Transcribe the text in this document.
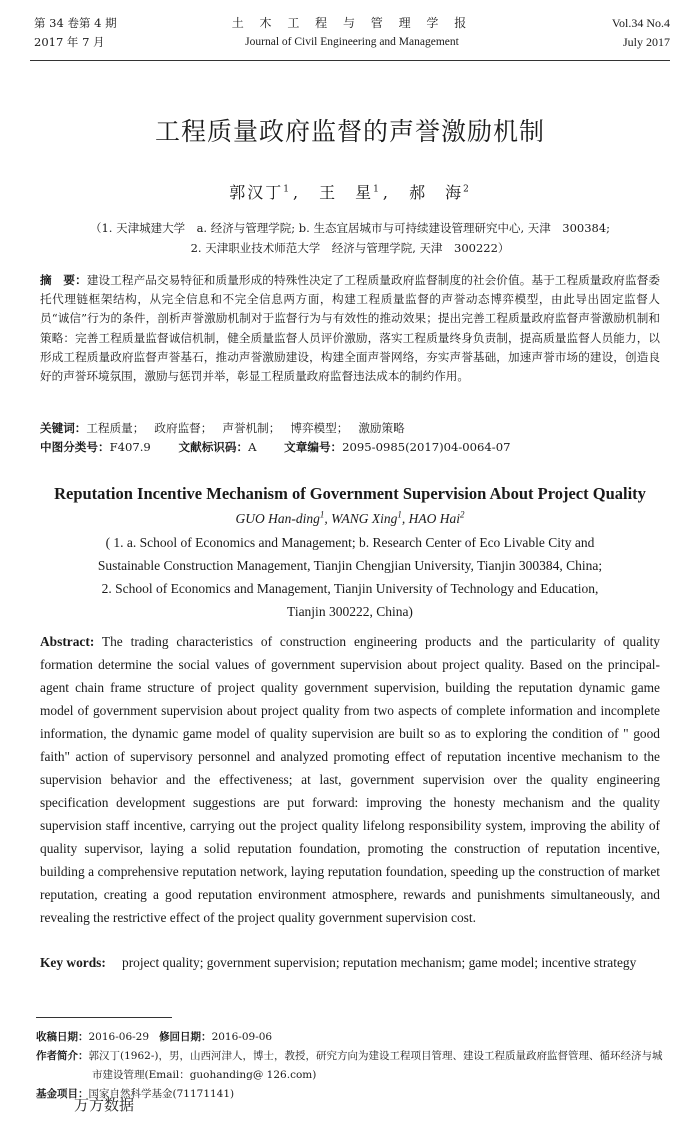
第 34 卷第 4 期
2017 年 7 月
土 木 工 程 与 管 理 学 报
Journal of Civil Engineering and Management
Vol.34 No.4
July 2017
工程质量政府监督的声誉激励机制
郭汉丁$^1$ , 王　星$^1$ , 郝　海$^2$
（1. 天津城建大学　a. 经济与管理学院; b. 生态宜居城市与可持续建设管理研究中心, 天津　300384;
2. 天津职业技术师范大学　经济与管理学院, 天津　300222）
摘　要：建设工程产品交易特征和质量形成的特殊性决定了工程质量政府监督制度的社会价值。基于工程质量政府监督委托代理链框架结构，从完全信息和不完全信息两方面，构建工程质量监督的声誉动态博弈模型，由此导出固定监督人员“诚信”行为的条件，剖析声誉激励机制对于监督行为与有效性的推动效果；提出完善工程质量政府监督声誉激励机制和策略：完善工程质量监督诚信机制，健全质量监督人员评价激励，落实工程质量终身负责制，提高质量监督人员能力，以形成工程质量政府监督声誉基石，推动声誉激励建设，构建全面声誉网络，夯实声誉基础，加速声誉市场的建设，创造良好的声誉环境氛围，激励与惩罚并举，彰显工程质量政府监督违法成本的制约作用。
关键词：工程质量； 政府监督； 声誉机制； 博弈模型； 激励策略
中图分类号：F407.9 文献标识码：A 文章编号：2095-0985(2017)04-0064-07
Reputation Incentive Mechanism of Government Supervision About Project Quality
GUO Han-ding$^1$, WANG Xing$^1$, HAO Hai$^2$
( 1. a. School of Economics and Management; b. Research Center of Eco Livable City and
Sustainable Construction Management, Tianjin Chengjian University, Tianjin 300384, China;
2. School of Economics and Management, Tianjin University of Technology and Education,
Tianjin 300222, China)
Abstract: The trading characteristics of construction engineering products and the particularity of quality formation determine the social values of government supervision about project quality. Based on the principal-agent chain frame structure of project quality government supervision, building the reputation dynamic game model of government supervision about project quality from two aspects of complete information and incomplete information, the dynamic game model of quality supervision are built so as to exploring the condition of " good faith" action of supervisory personnel and analyzed promoting effect of reputation incentive mechanism to the supervision behavior and the effectiveness; at last, government supervision over the quality engineering specification development suggestions are put forward: improving the honesty mechanism and the quality supervision staff incentive, carrying out the project quality lifelong responsibility system, improving the ability of quality supervisor, laying a solid reputation foundation, promoting the construction of reputation incentive, building a comprehensive reputation network, laying reputation foundation, speeding up the construction of market reputation, creating a good reputation environment atmosphere, rewards and punishments simultaneously, and revealing the restrictive effect of the project quality government supervision cost.
Key words:	project quality; government supervision; reputation mechanism; game model; incentive strategy
收稿日期：2016-06-29 修回日期：2016-09-06
作者简介：郭汉丁(1962-)，男，山西河津人，博士，教授，研究方向为建设工程项目管理、建设工程质量政府监督管理、循环经济与城
市建设管理(Email：guohanding@ 126.com)
基金项目：国家自然科学基金(71171141)
万方数据
